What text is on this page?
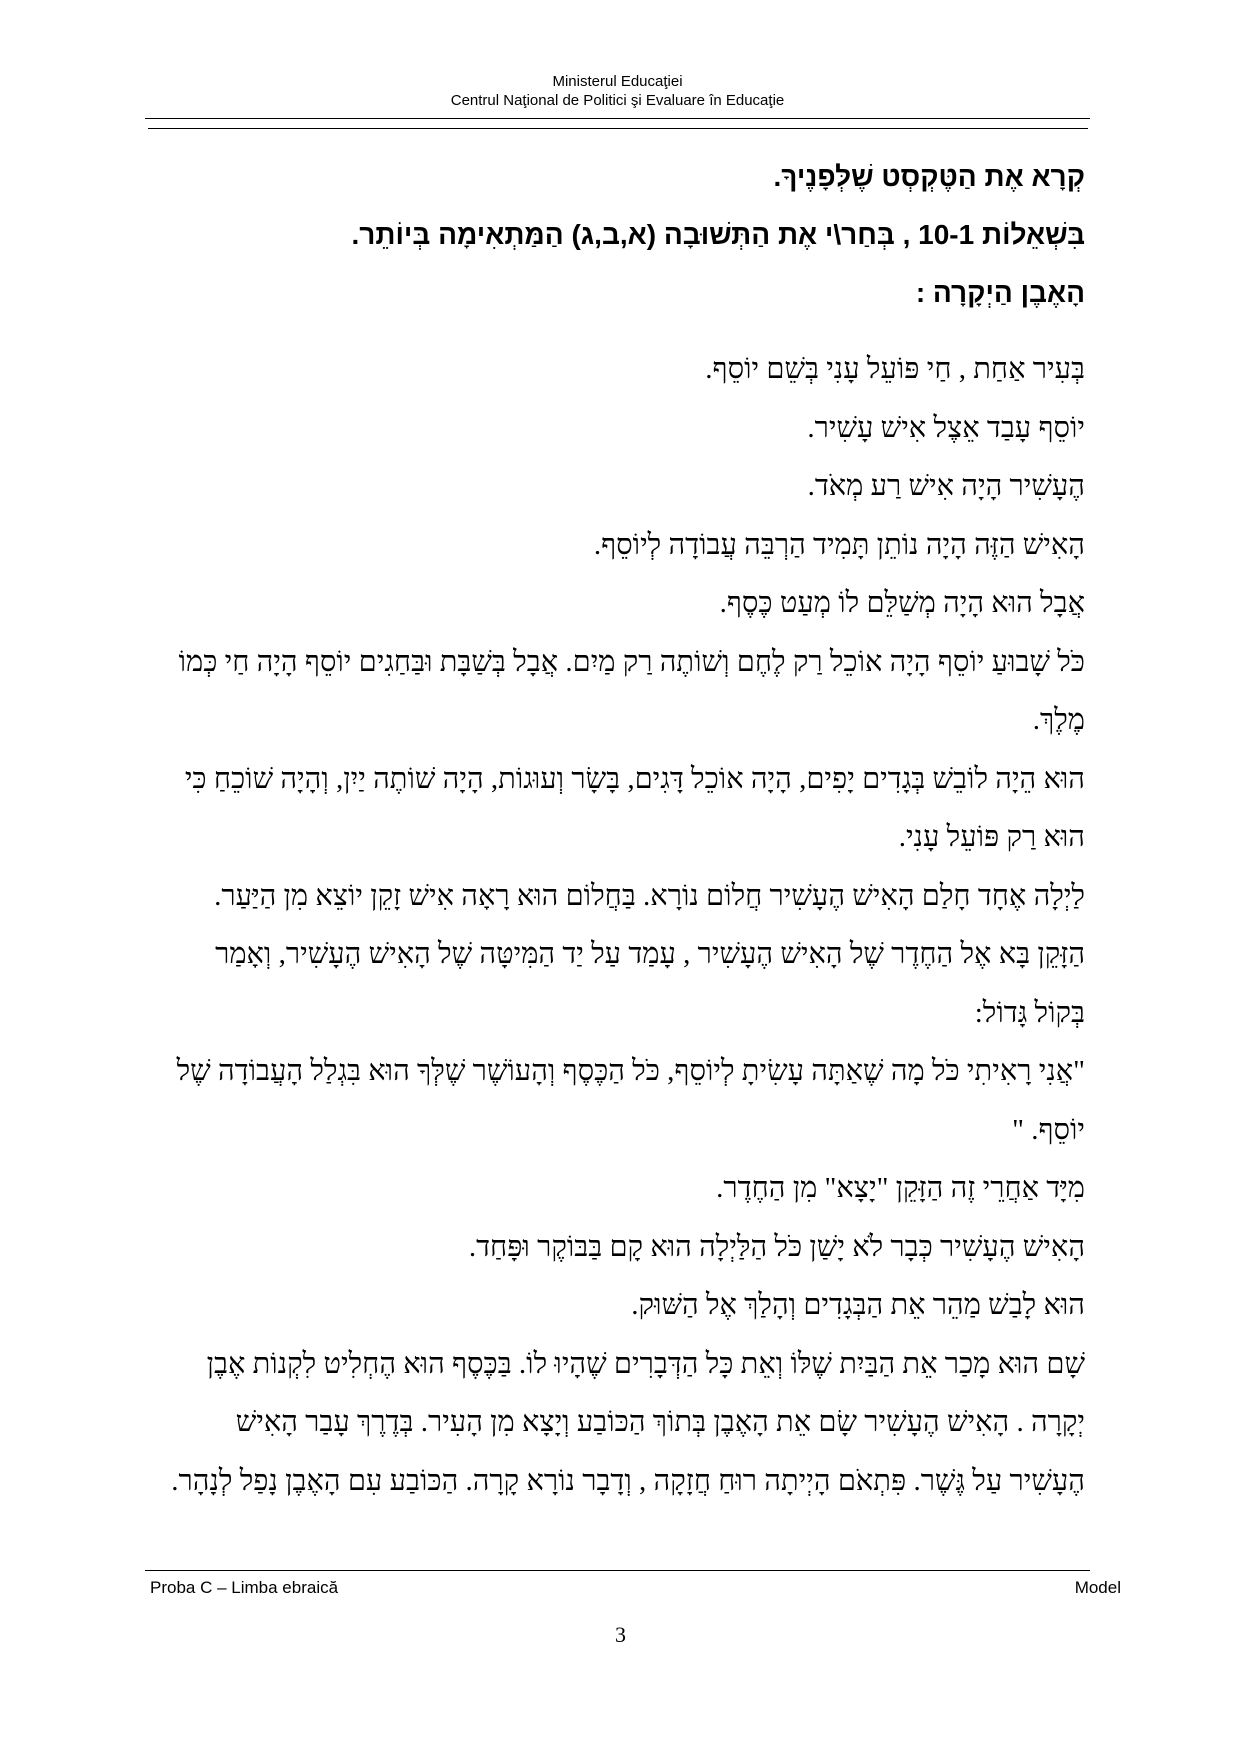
Ministerul Educaţiei
Centrul Naţional de Politici şi Evaluare în Educaţie

קְרָא אֶת הַטֶּקְסְט שֶׁלְּפָנֶיךָ.

בִּשְׁאֵלוֹת 10-1 , בְּחַר\י אֶת הַתְּשׁוּבָה (א,ב,ג) הַמַּתְאִימָה בְּיוֹתֵר.

הָאֶבֶן הַיְקָרָה :

בְּעִיר אַחַת , חַי פּוֹעֵל עָנִי בְּשֵׁם יוֹסֵף.

יוֹסֵף עָבַד אֵצֶל אִישׁ עָשִׁיר.

הֶעָשִׁיר הָיָה אִישׁ רַע מְאֹד.

הָאִישׁ הַזֶּה הָיָה נוֹתֵן תָּמִיד הַרְבֵּה עֲבוֹדָה לְיוֹסֵף.

אֲבָל הוּא הָיָה מְשַׁלֵּם לוֹ מְעַט כֶּסֶף.

כֹּל שָׁבוּעַ יוֹסֵף הָיָה אוֹכֵל רַק לֶחֶם וְשׁוֹתֶה רַק מַיִם. אֲבָל בְּשַׁבָּת וּבַּחַגִים יוֹסֵף הָיָה חַי כְּמוֹ מֶלֶךְ.

הוּא הֵיָה לוֹבֵשׁ בְּגָדִים יָפִים, הָיָה אוֹכֵל דָּגִים, בָּשָׂר וְעוּגוֹת, הָיָה שׁוֹתֶה יַיִן, וְהָיָה שׁוֹכֵחַ כִּי הוּא רַק פּוֹעֵל עָנִי.

לַיְלָה אֶחָד חָלַם הָאִישׁ הֶעָשִׁיר חֲלוֹם נוֹרָא. בַּחֲלוֹם הוּא רָאָה אִישׁ זָקֵן יוֹצֵא מִן הַיַּעַר. הַזָּקֵן בָּא אֶל הַחֶדֶר שֶׁל הָאִישׁ הֶעָשִׁיר , עָמַד עַל יַד הַמִּיטָּה שֶׁל הָאִישׁ הֶעָשִׁיר, וְאָמַר בְּקוֹל גָּדוֹל:

"אֲנִי רָאִיתִי כֹּל מָה שֶׁאַתָּה עָשִׂיתָ לְיוֹסֵף, כֹּל הַכֶּסֶף וְהָעוֹשֶׁר שֶׁלְּךָ הוּא בִּגְלַל הָעֲבוֹדָה שֶׁל יוֹסֵף. "

מִיָּד אַחֲרֵי זֶה הַזָּקֵן "יָצָא" מִן הַחֶדֶר.

הָאִישׁ הֶעָשִׁיר כְּבָר לֹא יָשַׁן כֹּל הַלַּיְלָה הוּא קָם בַּבּוֹקֶר וּפָּחַד.

הוּא לָבַשׁ מַהֵר אֵת הַבְּגָדִים וְהָלַךְ אֶל הַשּׁוּק.

שָׁם הוּא מָכַר אֵת הַבַּיִת שֶׁלּוֹ וְאֵת כָּל הַדְּבָרִים שֶׁהָיוּ לוֹ. בַּכֶּסֶף הוּא הֶחְלִיט לִקְנוֹת אֶבֶן יְקָרָה . הָאִישׁ הֶעָשִׁיר שָׂם אֵת הָאֶבֶן בְּתוֹךְ הַכּוֹבַע וְיָצָא מִן הָעִיר. בְּדֶרֶךְ עָבַר הָאִישׁ הֶעָשִׁיר עַל גֶּשֶׁר. פִּתְאֹם הָיְיתָה רוּחַ חֲזָקָה , וְדָבָר נוֹרָא קָרָה. הַכּוֹבַע עִם הָאֶבֶן נָפַל לְנָהָר.

Proba C – Limba ebraică	Model
3
